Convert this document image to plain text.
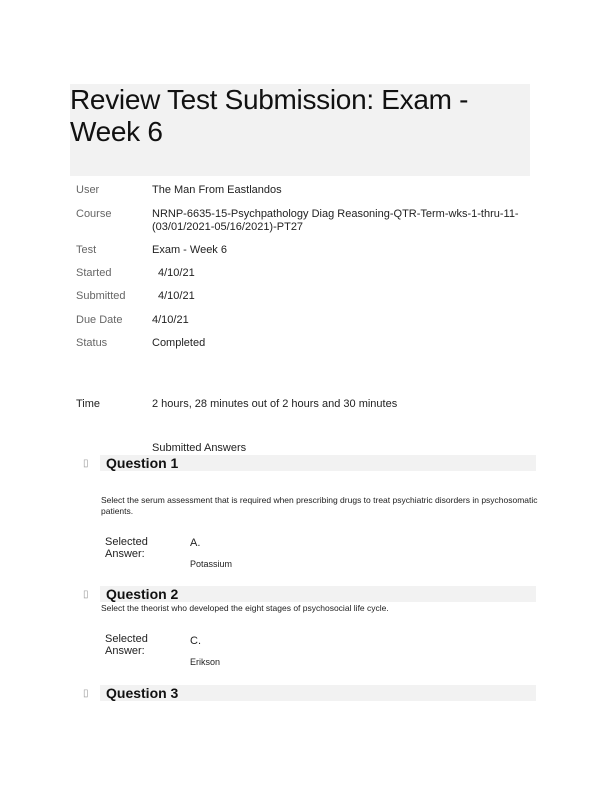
Review Test Submission: Exam - Week 6
User	The Man From Eastlandos
Course	NRNP-6635-15-Psychpathology Diag Reasoning-QTR-Term-wks-1-thru-11-(03/01/2021-05/16/2021)-PT27
Test	Exam - Week 6
Started	4/10/21
Submitted	4/10/21
Due Date	4/10/21
Status	Completed
Time	2 hours, 28 minutes out of 2 hours and 30 minutes
Submitted Answers
▯ Question 1
Select the serum assessment that is required when prescribing drugs to treat psychiatric disorders in psychosomatic patients.
Selected Answer:
A.
Potassium
▯ Question 2
Select the theorist who developed the eight stages of psychosocial life cycle.
Selected Answer:
C.
Erikson
▯ Question 3
